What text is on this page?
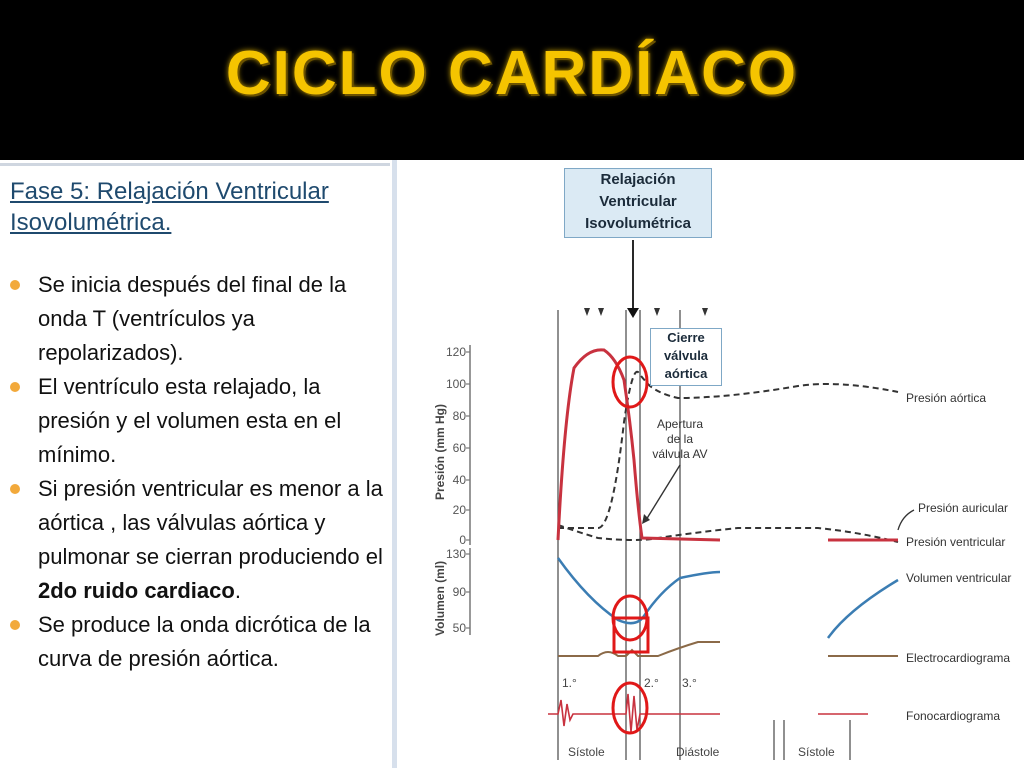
CICLO CARDÍACO
Fase 5: Relajación Ventricular Isovolumétrica.
Se inicia después del final de la onda T (ventrículos ya repolarizados).
El ventrículo esta relajado, la presión y el volumen esta en el mínimo.
Si presión ventricular es menor a la aórtica , las válvulas aórtica y pulmonar se cierran produciendo el 2do ruido cardiaco.
Se produce la onda dicrótica de la curva de presión aórtica.
Presión (mm Hg)
Volumen (ml)
120
100
80
60
40
20
0
130
90
50
1.°	2.° 3.°
Sístole	Diástole	Sístole
Apertura
de la
válvula AV
Presión aórtica
Presión auricular
Presión ventricular
Volumen ventricular
Electrocardiograma
Fonocardiograma
Relajación
Ventricular
Isovolumétrica
Cierre
válvula
aórtica
